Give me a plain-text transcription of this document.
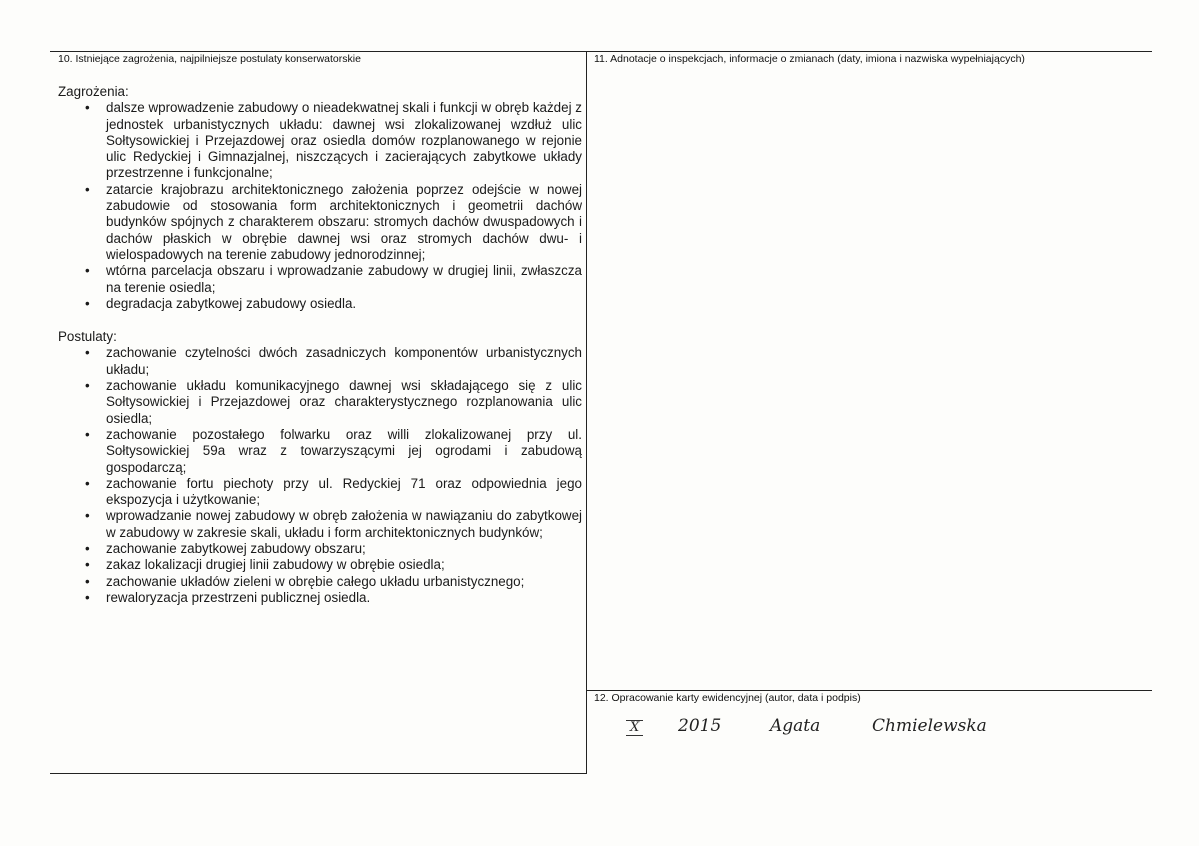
10. Istniejące zagrożenia, najpilniejsze postulaty konserwatorskie	11. Adnotacje o inspekcjach, informacje o zmianach (daty, imiona i nazwiska wypełniających)
12. Opracowanie karty ewidencyjnej (autor, data i podpis)

Zagrożenia:

• dalsze wprowadzenie zabudowy o nieadekwatnej skali i funkcji w obręb każdej z jednostek urbanistycznych układu: dawnej wsi zlokalizowanej wzdłuż ulic Sołtysowickiej i Przejazdowej oraz osiedla domów rozplanowanego w rejonie ulic Redyckiej i Gimnazjalnej, niszczących i zacierających zabytkowe układy przestrzenne i funkcjonalne;
• zatarcie krajobrazu architektonicznego założenia poprzez odejście w nowej zabudowie od stosowania form architektonicznych i geometrii dachów budynków spójnych z charakterem obszaru: stromych dachów dwuspadowych i dachów płaskich w obrębie dawnej wsi oraz stromych dachów dwu- i wielospadowych na terenie zabudowy jednorodzinnej;
• wtórna parcelacja obszaru i wprowadzanie zabudowy w drugiej linii, zwłaszcza na terenie osiedla;
• degradacja zabytkowej zabudowy osiedla.

Postulaty:

• zachowanie czytelności dwóch zasadniczych komponentów urbanistycznych układu;
• zachowanie układu komunikacyjnego dawnej wsi składającego się z ulic Sołtysowickiej i Przejazdowej oraz charakterystycznego rozplanowania ulic osiedla;
• zachowanie pozostałego folwarku oraz willi zlokalizowanej przy ul. Sołtysowickiej 59a wraz z towarzyszącymi jej ogrodami i zabudową gospodarczą;
• zachowanie fortu piechoty przy ul. Redyckiej 71 oraz odpowiednia jego ekspozycja i użytkowanie;
• wprowadzanie nowej zabudowy w obręb założenia w nawiązaniu do zabytkowej w zabudowy w zakresie skali, układu i form architektonicznych budynków;
• zachowanie zabytkowej zabudowy obszaru;
• zakaz lokalizacji drugiej linii zabudowy w obrębie osiedla;
• zachowanie układów zieleni w obrębie całego układu urbanistycznego;
• rewaloryzacja przestrzeni publicznej osiedla.
X 2015	Agata	Chmielewska
